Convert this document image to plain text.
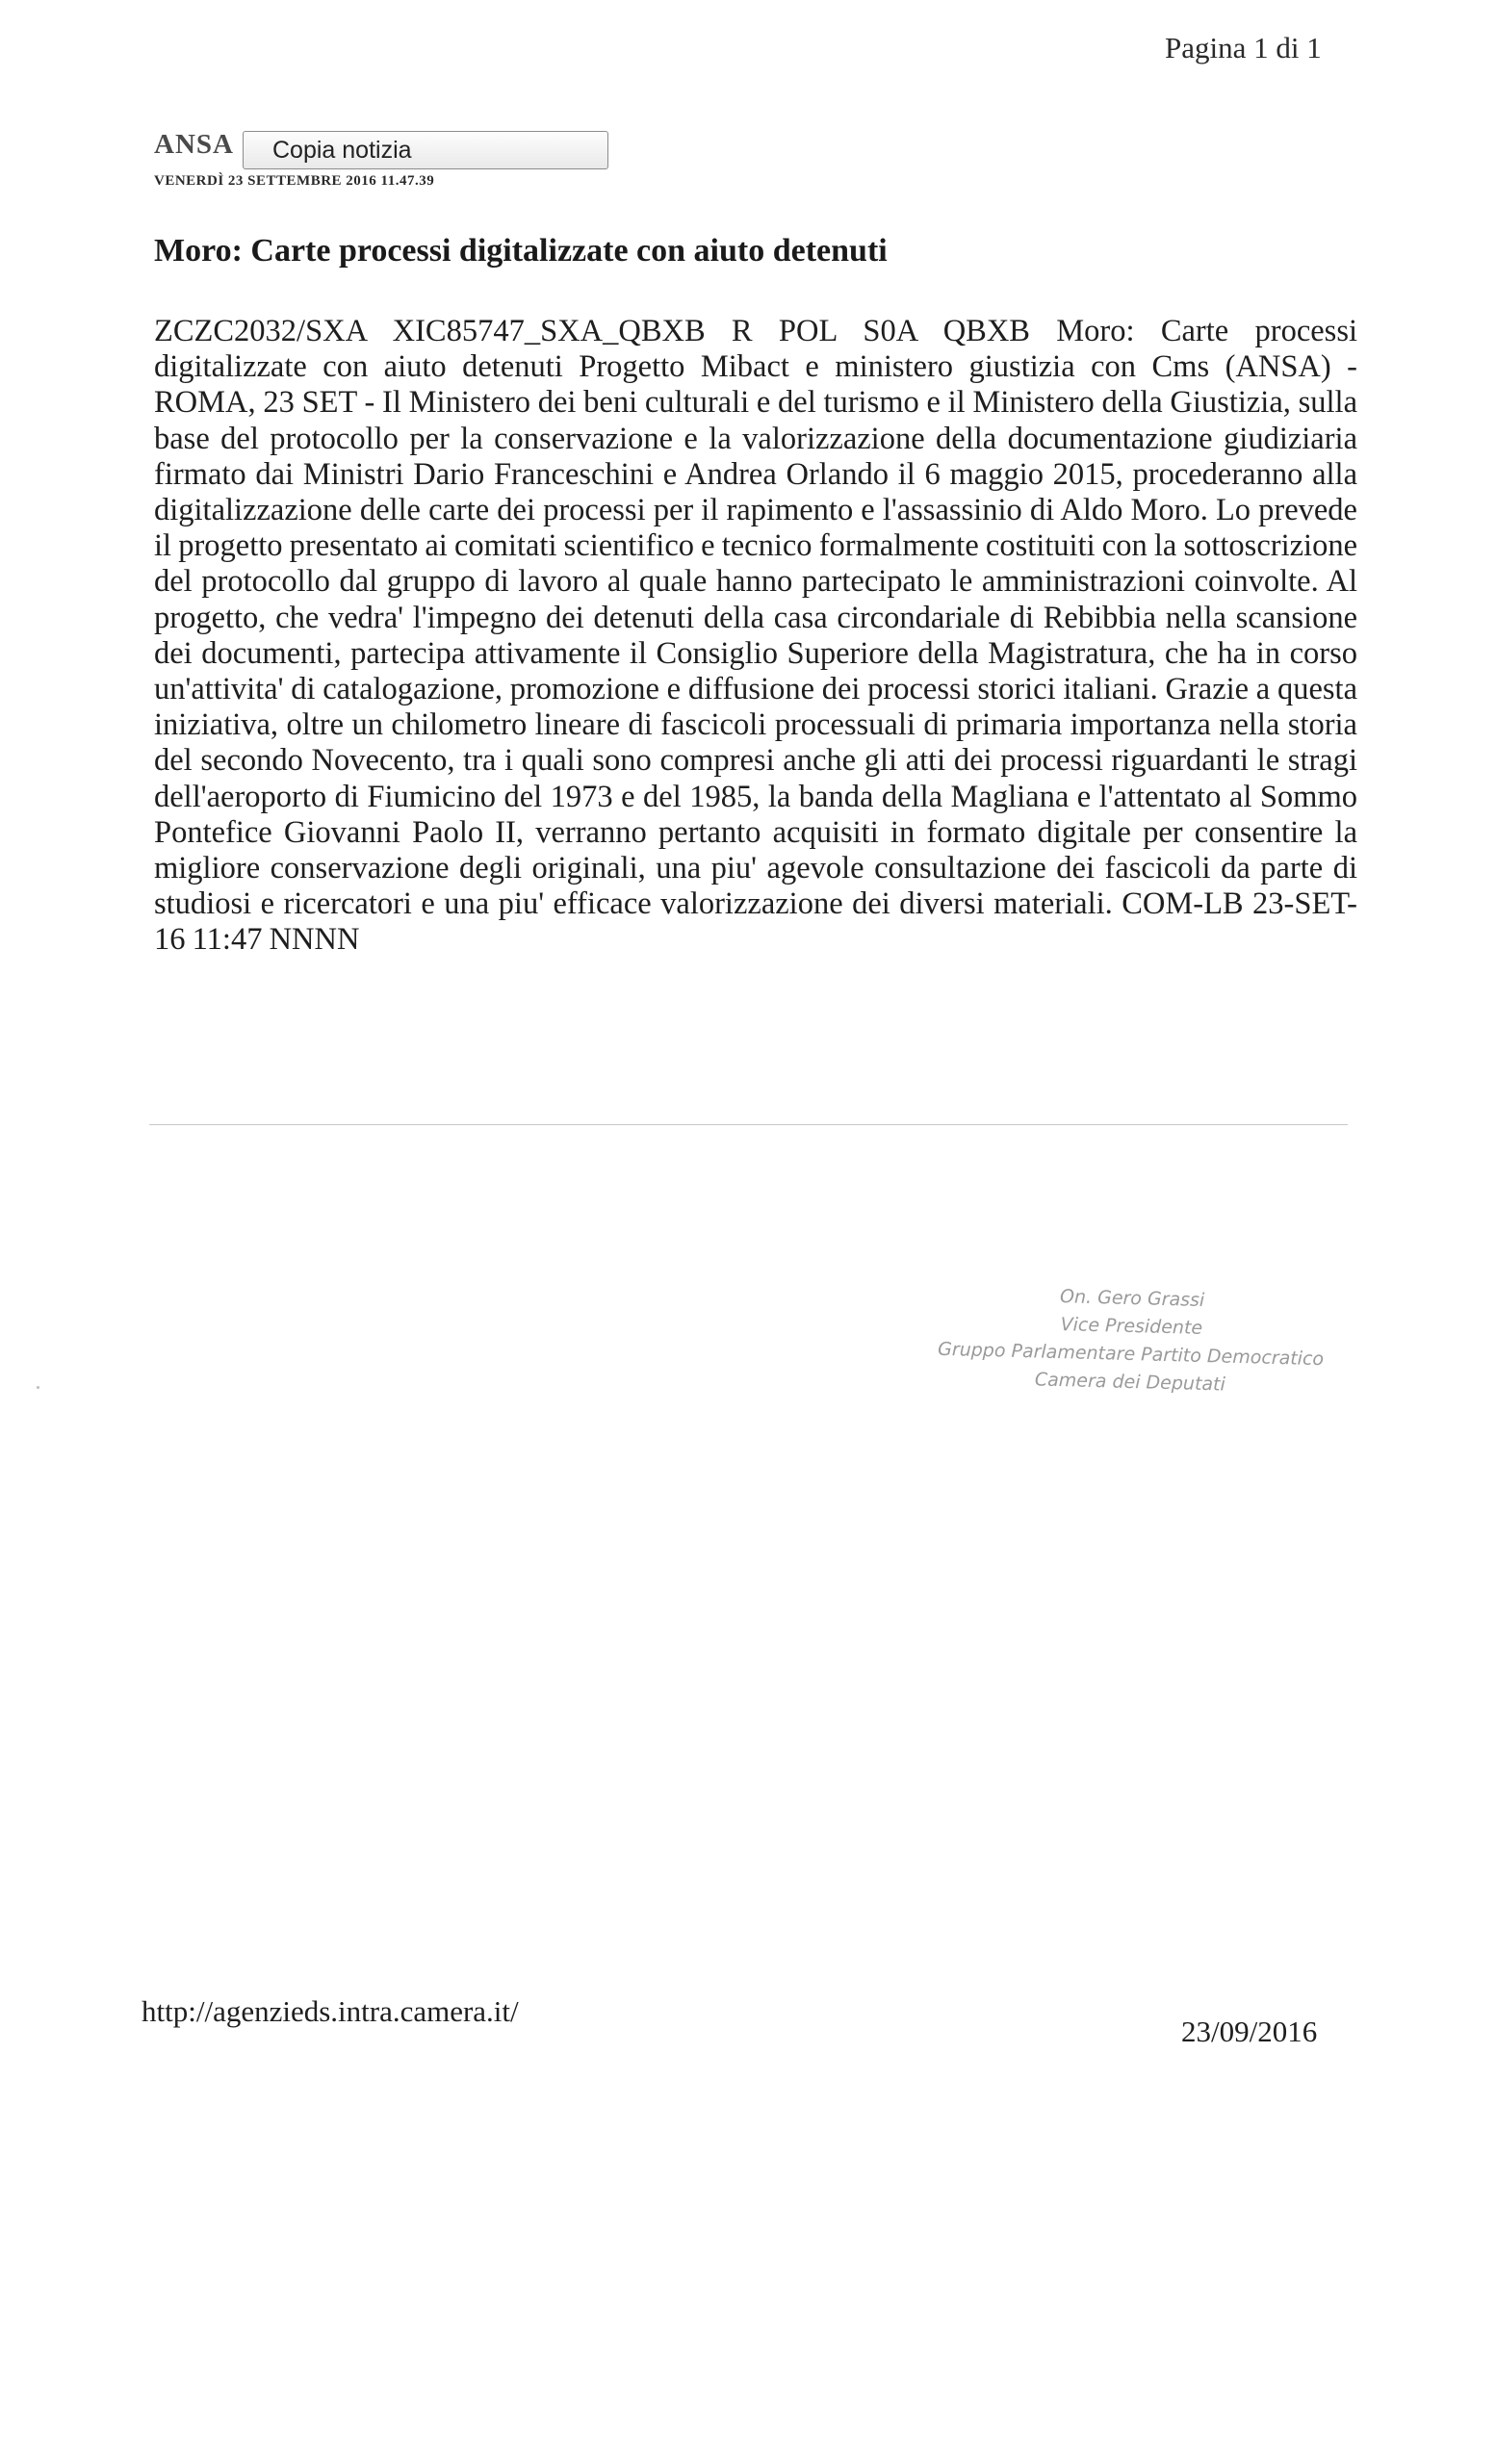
Pagina 1 di 1
ANSA	Copia notizia
VENERDÌ 23 SETTEMBRE 2016 11.47.39
Moro: Carte processi digitalizzate con aiuto detenuti

ZCZC2032/SXA XIC85747_SXA_QBXB R POL S0A QBXB Moro: Carte processi digitalizzate con aiuto detenuti Progetto Mibact e ministero giustizia con Cms (ANSA) - ROMA, 23 SET - Il Ministero dei beni culturali e del turismo e il Ministero della Giustizia, sulla base del protocollo per la conservazione e la valorizzazione della documentazione giudiziaria firmato dai Ministri Dario Franceschini e Andrea Orlando il 6 maggio 2015, procederanno alla digitalizzazione delle carte dei processi per il rapimento e l'assassinio di Aldo Moro. Lo prevede il progetto presentato ai comitati scientifico e tecnico formalmente costituiti con la sottoscrizione del protocollo dal gruppo di lavoro al quale hanno partecipato le amministrazioni coinvolte. Al progetto, che vedra' l'impegno dei detenuti della casa circondariale di Rebibbia nella scansione dei documenti, partecipa attivamente il Consiglio Superiore della Magistratura, che ha in corso un'attivita' di catalogazione, promozione e diffusione dei processi storici italiani. Grazie a questa iniziativa, oltre un chilometro lineare di fascicoli processuali di primaria importanza nella storia del secondo Novecento, tra i quali sono compresi anche gli atti dei processi riguardanti le stragi dell'aeroporto di Fiumicino del 1973 e del 1985, la banda della Magliana e l'attentato al Sommo Pontefice Giovanni Paolo II, verranno pertanto acquisiti in formato digitale per consentire la migliore conservazione degli originali, una piu' agevole consultazione dei fascicoli da parte di studiosi e ricercatori e una piu' efficace valorizzazione dei diversi materiali. COM-LB 23-SET-16 11:47 NNNN

On. Gero Grassi
Vice Presidente
Gruppo Parlamentare Partito Democratico
Camera dei Deputati
http://agenzieds.intra.camera.it/
23/09/2016
